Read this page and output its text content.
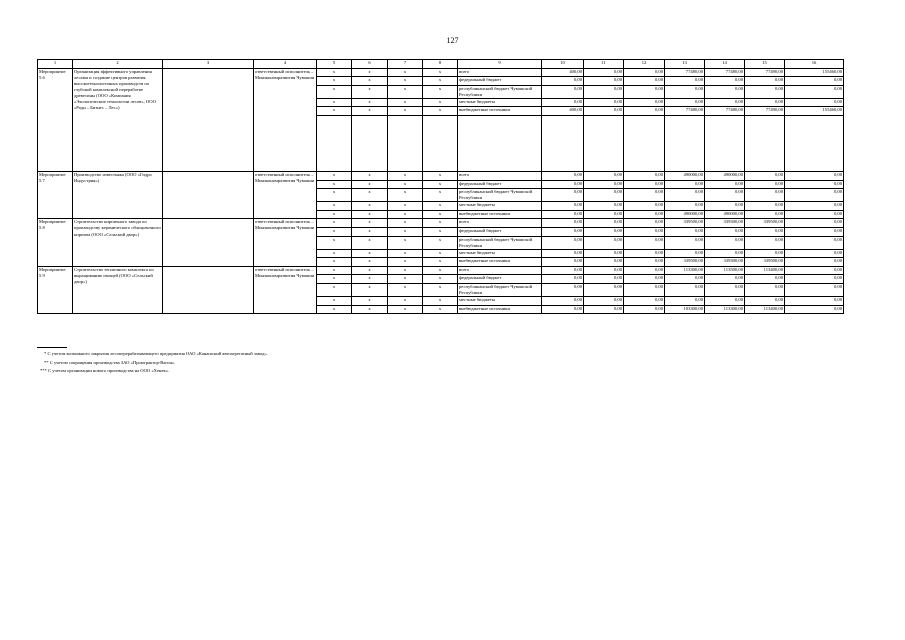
127
1	2	3	4	5	6	7	8	9	10	11	12	13	14	15	16
Мероприятие 5.6	Организация эффективного управления лесами и создание центров развития высокотехнологичных производств по глубокой комплексной переработке древесины (ООО «Компания «Экологические технологии лесов», ООО «Родн – Бизнес – Лес»)		ответственный исполнитель – Минэкономразвития Чувашии	х	х	х	х	всего	400,00	0,00	0,00	77480,00	77480,00	77490,00	155460,00
				х	х	х	х	федеральный бюджет	0,00	0,00	0,00	0,00	0,00	0,00	0,00
				х	х	х	х	республиканский бюджет Чувашской Республики	0,00	0,00	0,00	0,00	0,00	0,00	0,00
				х	х	х	х	местные бюджеты	0,00	0,00	0,00	0,00	0,00	0,00	0,00
				х	х	х	х	внебюджетные источники	400,00	0,00	0,00	77480,00	77480,00	77490,00	155460,00

Мероприятие 5.7	Производство известняка (ООО «Гидро Индустрия»)		ответственный исполнитель – Минэкономразвития Чувашии	х	х	х	х	всего	0,00	0,00	0,00	490000,00	490000,00	0,00	0,00
				х	х	х	х	федеральный бюджет	0,00	0,00	0,00	0,00	0,00	0,00	0,00
				х	х	х	х	республиканский бюджет Чувашской Республики	0,00	0,00	0,00	0,00	0,00	0,00	0,00
				х	х	х	х	местные бюджеты	0,00	0,00	0,00	0,00	0,00	0,00	0,00
				х	х	х	х	внебюджетные источники	0,00	0,00	0,00	490000,00	490000,00	0,00	0,00
Мероприятие 5.8	Строительство кирпичного завода по производству керамического облицовочного кирпича (ООО «Сельский двор»)		ответственный исполнитель – Минэкономразвития Чувашии	х	х	х	х	всего	0,00	0,00	0,00	339500,00	339300,00	339500,00	0,00
				х	х	х	х	федеральный бюджет	0,00	0,00	0,00	0,00	0,00	0,00	0,00
				х	х	х	х	республиканский бюджет Чувашской Республики	0,00	0,00	0,00	0,00	0,00	0,00	0,00
				х	х	х	х	местные бюджеты	0,00	0,00	0,00	0,00	0,00	0,00	0,00
				х	х	х	х	внебюджетные источники	0,00	0,00	0,00	339500,00	339300,00	339500,00	0,00
Мероприятие 5.9	Строительство тепличного комплекса по выращиванию овощей (ООО «Сельский двор»)		ответственный исполнитель – Минэкономразвития Чувашии	х	х	х	х	всего	0,00	0,00	0,00	113300,00	113500,00	113400,00	0,00
				х	х	х	х	федеральный бюджет	0,00	0,00	0,00	0,00	0,00	0,00	0,00
				х	х	х	х	республиканский бюджет Чувашской Республики	0,00	0,00	0,00	0,00	0,00	0,00	0,00
				х	х	х	х	местные бюджеты	0,00	0,00	0,00	0,00	0,00	0,00	0,00
				х	х	х	х	внебюджетные источники	0,00	0,00	0,00	103300,00	113300,00	113400,00	0,00
* С учетом возможного закрытия лесоперерабатывающего предприятия ОАО «Канашский автоагрегатный завод».
** С учетом сокращения производства ЗАО «Промтрактор-Вагон».
*** С учетом организации нового производства на ООО «Хенек».
